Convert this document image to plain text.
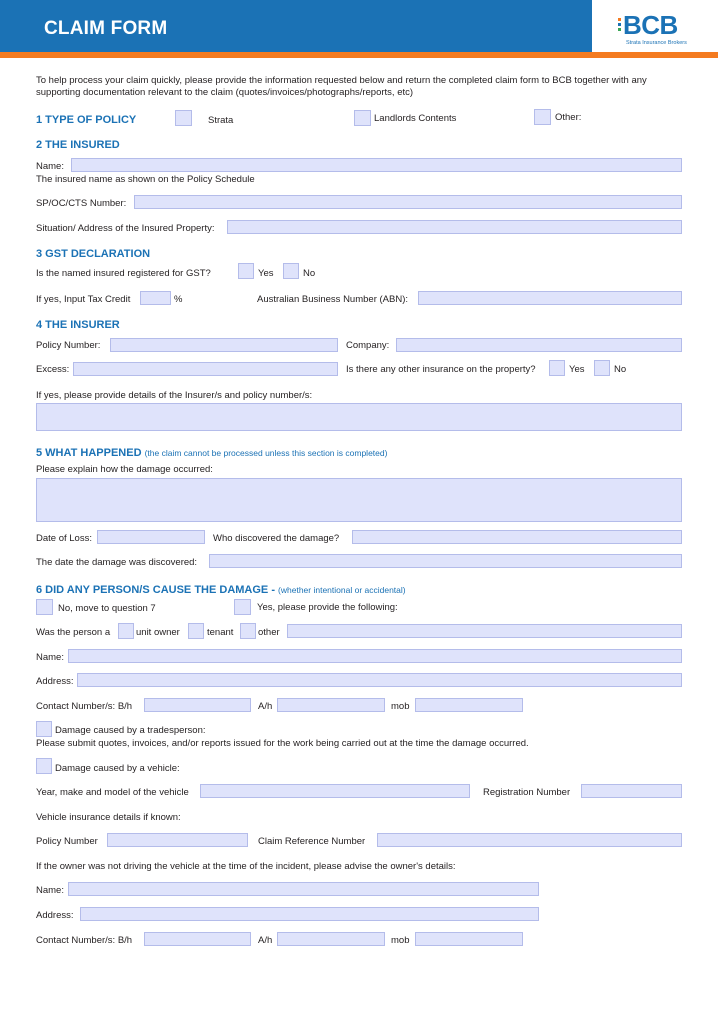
CLAIM FORM	BCB
Strata Insurance Brokers
To help process your claim quickly, please provide the information requested below and return the completed claim form to BCB together with any supporting documentation relevant to the claim (quotes/invoices/photographs/reports, etc)
1 TYPE OF POLICY	Strata	Landlords Contents	Other:
2 THE INSURED
Name:
The insured name as shown on the Policy Schedule
SP/OC/CTS Number:
Situation/ Address of the Insured Property:
3 GST DECLARATION
Is the named insured registered for GST?	Yes	No
If yes, Input Tax Credit	%	Australian Business Number (ABN):
4 THE INSURER
Policy Number:	Company:
Excess:	Is there any other insurance on the property?	Yes	No
If yes, please provide details of the Insurer/s and policy number/s:
5 WHAT HAPPENED (the claim cannot be processed unless this section is completed)
Please explain how the damage occurred:
Date of Loss:	Who discovered the damage?
The date the damage was discovered:
6 DID ANY PERSON/S CAUSE THE DAMAGE - (whether intentional or accidental)
No, move to question 7	Yes, please provide the following:
Was the person a	unit owner	tenant	other
Name:
Address:
Contact Number/s: B/h	A/h	mob
Damage caused by a tradesperson:
Please submit quotes, invoices, and/or reports issued for the work being carried out at the time the damage occurred.
Damage caused by a vehicle:
Year, make and model of the vehicle	Registration Number
Vehicle insurance details if known:
Policy Number	Claim Reference Number
If the owner was not driving the vehicle at the time of the incident, please advise the owner's details:
Name:
Address:
Contact Number/s: B/h	A/h	mob
